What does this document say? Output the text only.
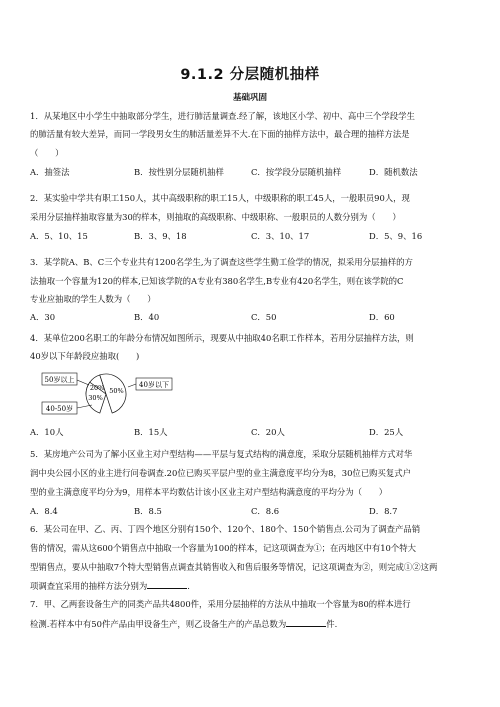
9.1.2 分层随机抽样
基础巩固
1．从某地区中小学生中抽取部分学生，进行肺活量调查.经了解，该地区小学、初中、高中三个学段学生
的肺活量有较大差异，而同一学段男女生的肺活量差异不大.在下面的抽样方法中，最合理的抽样方法是
（　　）
A．抽签法	B．按性别分层随机抽样	C．按学段分层随机抽样	D．随机数法
2．某实验中学共有职工150人，其中高级职称的职工15人，中级职称的职工45人，一般职员90人，现
采用分层抽样抽取容量为30的样本，则抽取的高级职称、中级职称、一般职员的人数分别为（　　）
A．5、10、15	B．3、9、18	C．3、10、17	D．5、9、16
3．某学院A、B、C三个专业共有1200名学生,为了调查这些学生勤工俭学的情况，拟采用分层抽样的方
法抽取一个容量为120的样本,已知该学院的A专业有380名学生,B专业有420名学生，则在该学院的C
专业应抽取的学生人数为（　　）
A．30	B．40	C．50	D．60
4．某单位200名职工的年龄分布情况如图所示，现要从中抽取40名职工作样本，若用分层抽样方法，则
40岁以下年龄段应抽取(　　)
20%
30%
50%
50岁以上
40-50岁
40岁以下
A．10人	B．15人	C．20人	D．25人
5．某房地产公司为了解小区业主对户型结构——平层与复式结构的满意度，采取分层随机抽样方式对华
润中央公园小区的业主进行问卷调查.20位已购买平层户型的业主满意度平均分为8，30位已购买复式户
型的业主满意度平均分为9，用样本平均数估计该小区业主对户型结构满意度的平均分为（　　）
A．8.4	B．8.5	C．8.6	D．8.7
6．某公司在甲、乙、丙、丁四个地区分别有150个、120个、180个、150个销售点.公司为了调查产品销
售的情况，需从这600个销售点中抽取一个容量为100的样本，记这项调查为①；在丙地区中有10个特大
型销售点，要从中抽取7个特大型销售点调查其销售收入和售后服务等情况，记这项调查为②，则完成①②这两
项调查宜采用的抽样方法分别为	.
7．甲、乙两套设备生产的同类产品共4800件，采用分层抽样的方法从中抽取一个容量为80的样本进行
检测.若样本中有50件产品由甲设备生产，则乙设备生产的产品总数为	件.
